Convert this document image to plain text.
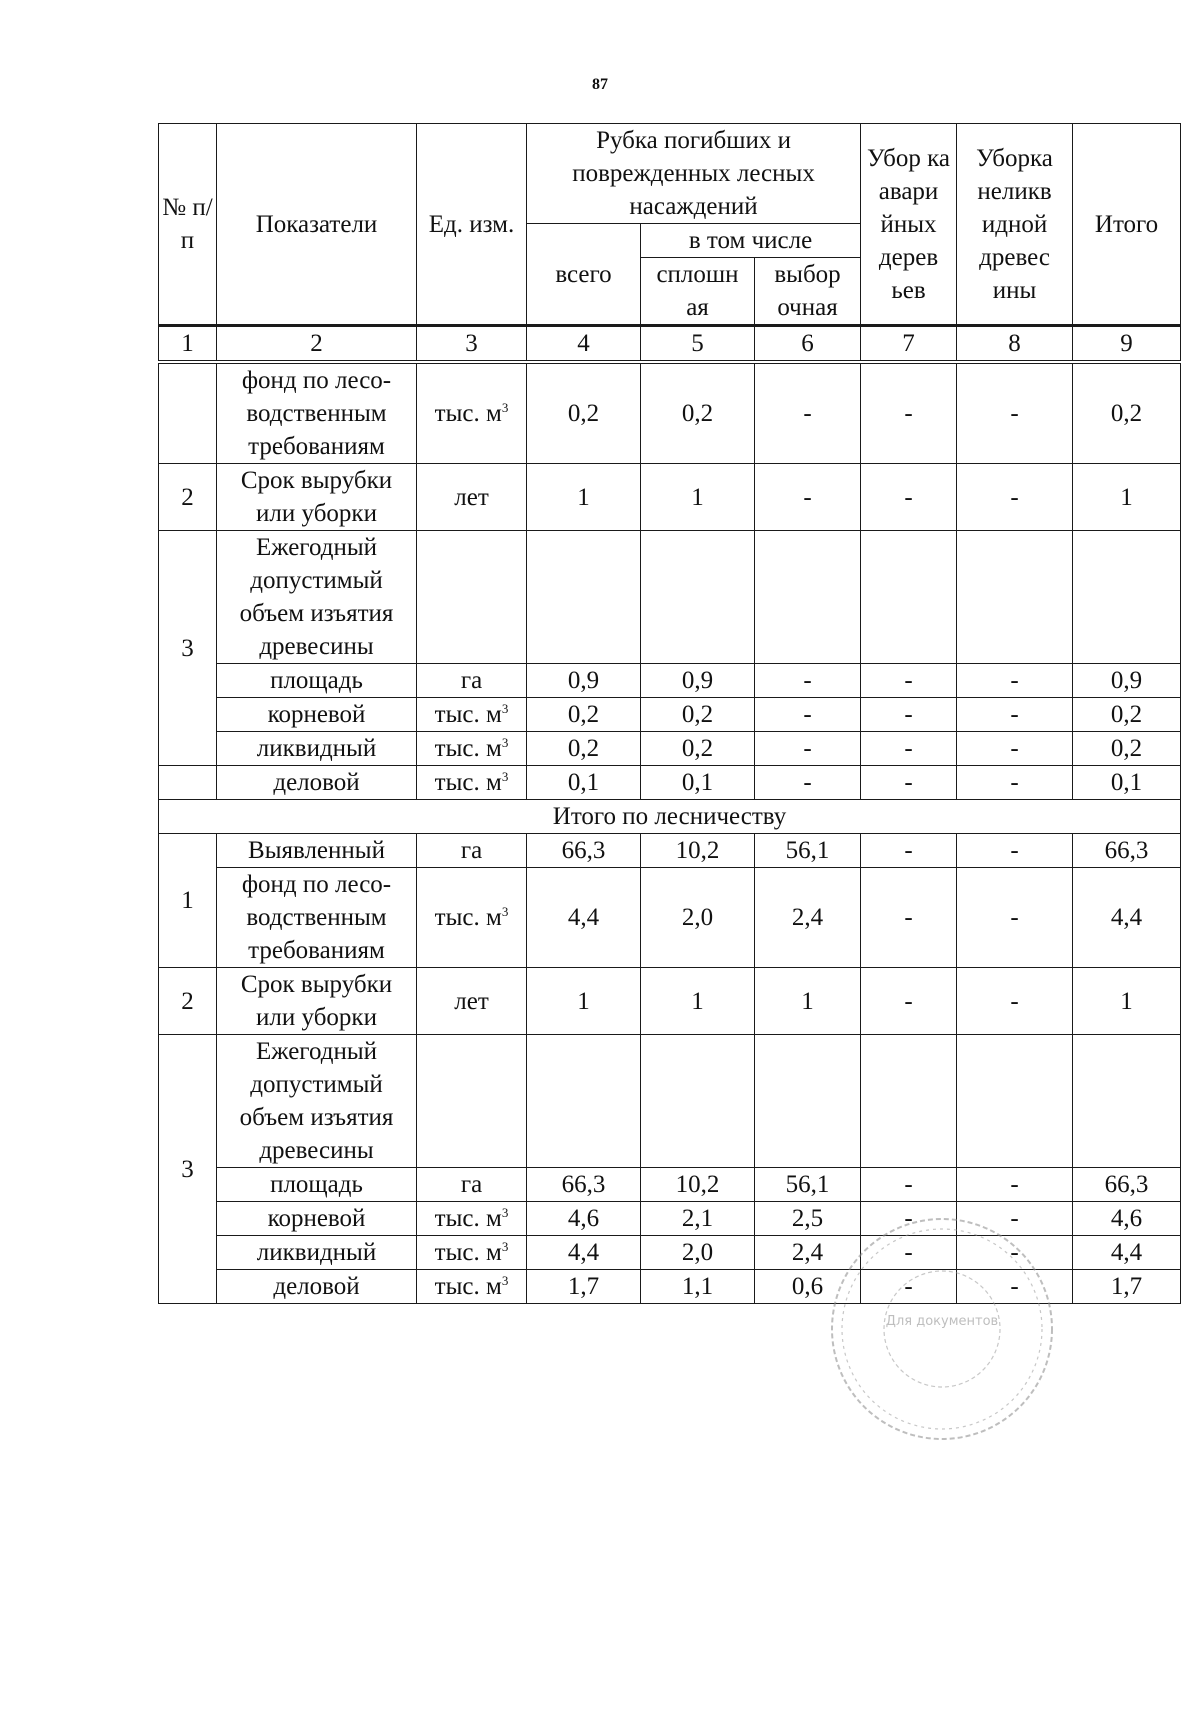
87
№ п/п	Показатели	Ед. изм.	Рубка погибших и поврежденных лесных насаждений			Убор ка авари йных дерев ьев	Уборка неликв идной древес ины	Итого
			всего	в том числе				
				сплошн ая	выбор очная			
1	2	3	4	5	6	7	8	9
	фонд по лесо-водственным требованиям	тыс. $м^3$	0,2	0,2	-	-	-	0,2
2	Срок вырубки или уборки	лет	1	1	-	-	-	1
3	Ежегодный допустимый объем изъятия древесины							
	площадь	га	0,9	0,9	-	-	-	0,9
	корневой	тыс. $м^3$	0,2	0,2	-	-	-	0,2
	ликвидный	тыс. $м^3$	0,2	0,2	-	-	-	0,2
	деловой	тыс. $м^3$	0,1	0,1	-	-	-	0,1
Итого по лесничеству								
1	Выявленный	га	66,3	10,2	56,1	-	-	66,3
	фонд по лесо-водственным требованиям	тыс. $м^3$	4,4	2,0	2,4	-	-	4,4
2	Срок вырубки или уборки	лет	1	1	1	-	-	1
3	Ежегодный допустимый объем изъятия древесины							
	площадь	га	66,3	10,2	56,1	-	-	66,3
	корневой	тыс. $м^3$	4,6	2,1	2,5	-	-	4,6
	ликвидный	тыс. $м^3$	4,4	2,0	2,4	-	-	4,4
	деловой	тыс. $м^3$	1,7	1,1	0,6	-	-	1,7
Для документов
